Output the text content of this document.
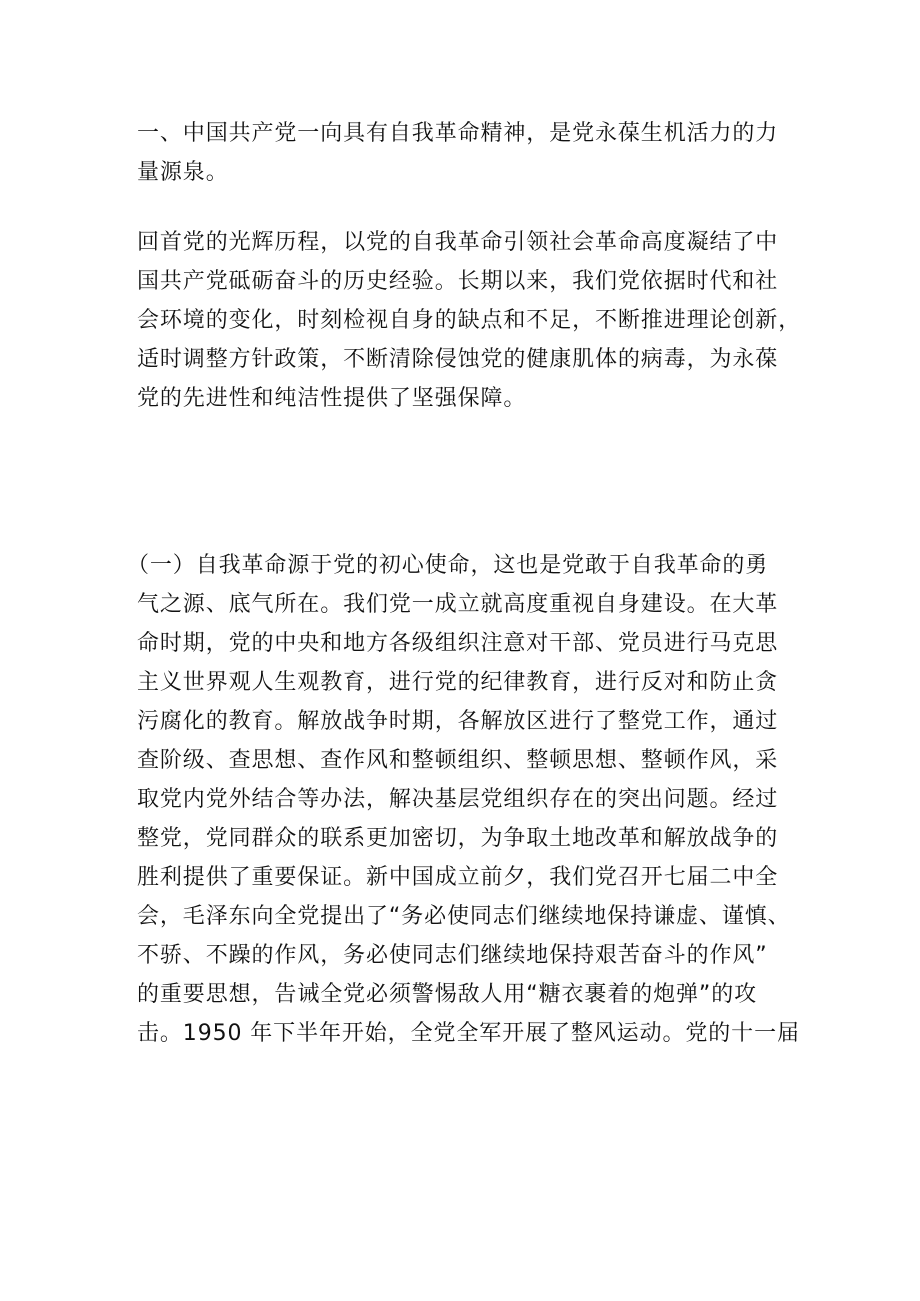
一、中国共产党一向具有自我革命精神，是党永葆生机活力的力
量源泉。
回首党的光辉历程，以党的自我革命引领社会革命高度凝结了中
国共产党砥砺奋斗的历史经验。长期以来，我们党依据时代和社
会环境的变化，时刻检视自身的缺点和不足，不断推进理论创新，
适时调整方针政策，不断清除侵蚀党的健康肌体的病毒，为永葆
党的先进性和纯洁性提供了坚强保障。
（一）自我革命源于党的初心使命，这也是党敢于自我革命的勇
气之源、底气所在。我们党一成立就高度重视自身建设。在大革
命时期，党的中央和地方各级组织注意对干部、党员进行马克思
主义世界观人生观教育，进行党的纪律教育，进行反对和防止贪
污腐化的教育。解放战争时期，各解放区进行了整党工作，通过
查阶级、查思想、查作风和整顿组织、整顿思想、整顿作风，采
取党内党外结合等办法，解决基层党组织存在的突出问题。经过
整党，党同群众的联系更加密切，为争取土地改革和解放战争的
胜利提供了重要保证。新中国成立前夕，我们党召开七届二中全
会，毛泽东向全党提出了“务必使同志们继续地保持谦虚、谨慎、
不骄、不躁的作风，务必使同志们继续地保持艰苦奋斗的作风”
的重要思想，告诫全党必须警惕敌人用“糖衣裹着的炮弹”的攻
击。1950 年下半年开始，全党全军开展了整风运动。党的十一届
